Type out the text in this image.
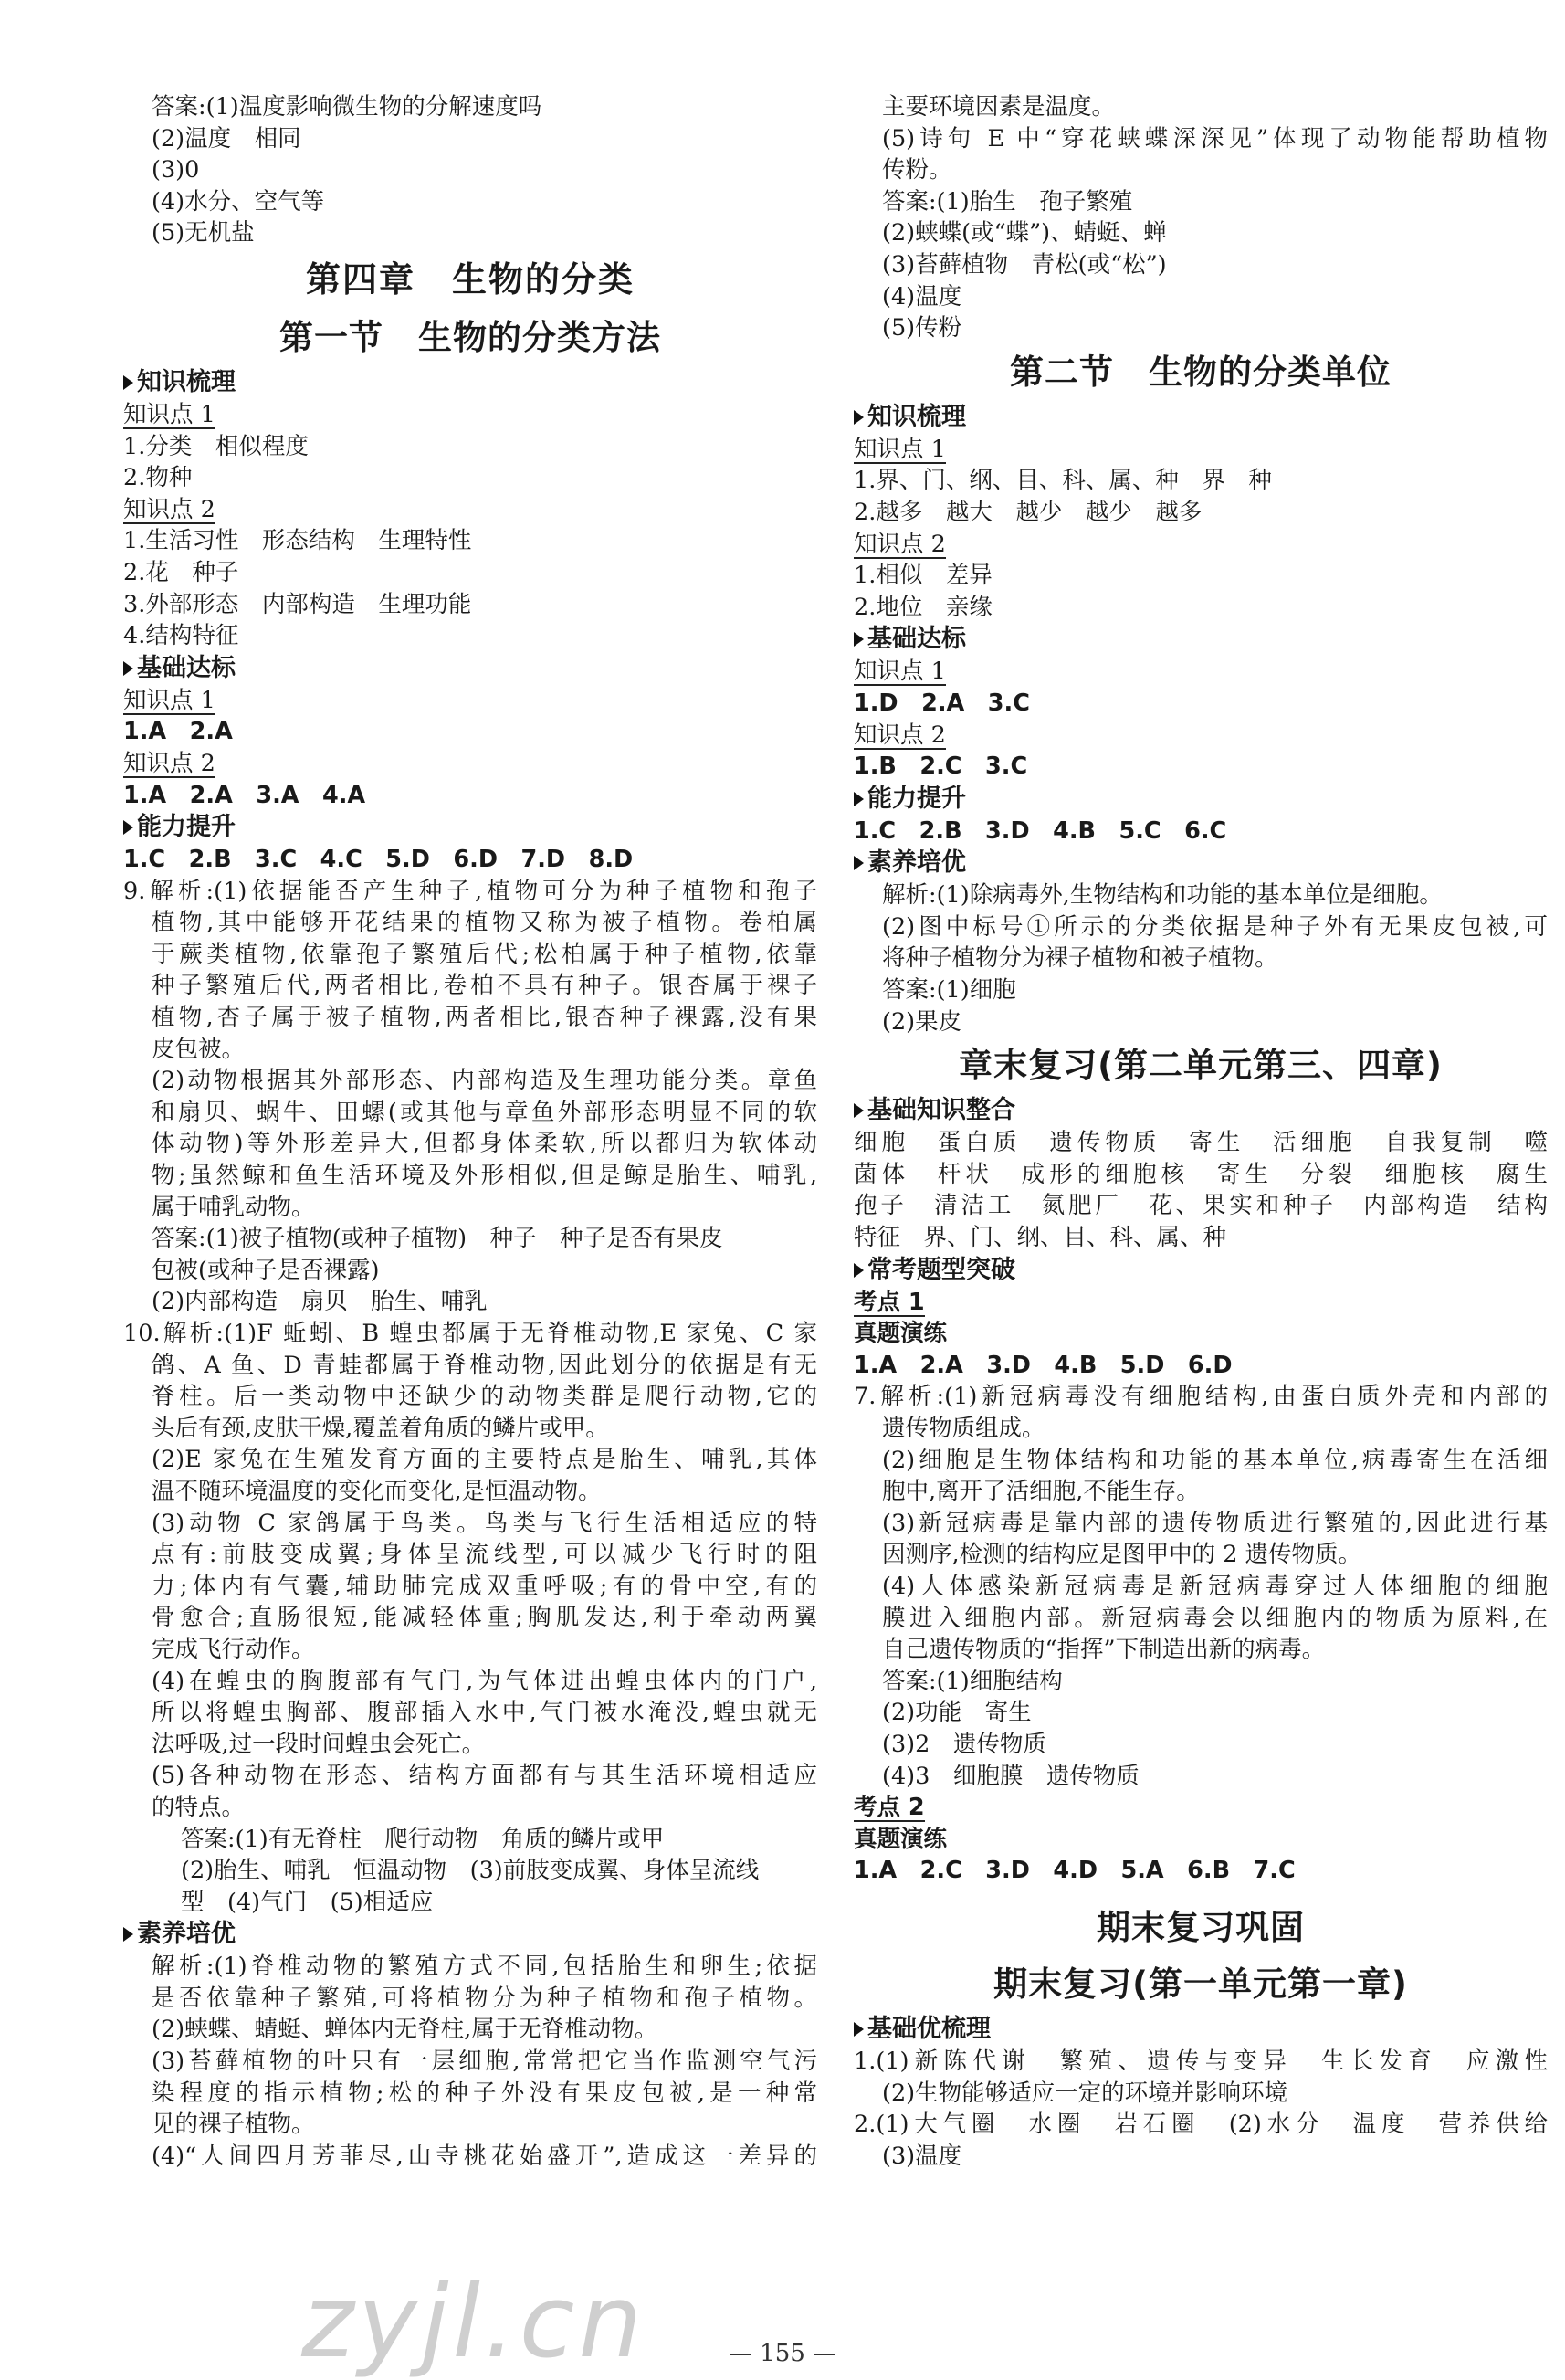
答案:(1)温度影响微生物的分解速度吗
(2)温度　相同
(3)0
(4)水分、空气等
(5)无机盐
第四章　生物的分类
第一节　生物的分类方法
知识梳理
知识点 1
1.分类　相似程度
2.物种
知识点 2
1.生活习性　形态结构　生理特性
2.花　种子
3.外部形态　内部构造　生理功能
4.结构特征
基础达标
知识点 1
1.A　2.A
知识点 2
1.A　2.A　3.A　4.A
能力提升
1.C　2.B　3.C　4.C　5.D　6.D　7.D　8.D
9.解析:(1)依据能否产生种子,植物可分为种子植物和孢子
植物,其中能够开花结果的植物又称为被子植物。卷柏属
于蕨类植物,依靠孢子繁殖后代;松柏属于种子植物,依靠
种子繁殖后代,两者相比,卷柏不具有种子。银杏属于裸子
植物,杏子属于被子植物,两者相比,银杏种子裸露,没有果
皮包被。
(2)动物根据其外部形态、内部构造及生理功能分类。章鱼
和扇贝、蜗牛、田螺(或其他与章鱼外部形态明显不同的软
体动物)等外形差异大,但都身体柔软,所以都归为软体动
物;虽然鲸和鱼生活环境及外形相似,但是鲸是胎生、哺乳,
属于哺乳动物。
答案:(1)被子植物(或种子植物)　种子　种子是否有果皮
包被(或种子是否裸露)
(2)内部构造　扇贝　胎生、哺乳
10.解析:(1)F 蚯蚓、B 蝗虫都属于无脊椎动物,E 家兔、C 家
鸽、A 鱼、D 青蛙都属于脊椎动物,因此划分的依据是有无
脊柱。后一类动物中还缺少的动物类群是爬行动物,它的
头后有颈,皮肤干燥,覆盖着角质的鳞片或甲。
(2)E 家兔在生殖发育方面的主要特点是胎生、哺乳,其体
温不随环境温度的变化而变化,是恒温动物。
(3)动物 C 家鸽属于鸟类。鸟类与飞行生活相适应的特
点有:前肢变成翼;身体呈流线型,可以减少飞行时的阻
力;体内有气囊,辅助肺完成双重呼吸;有的骨中空,有的
骨愈合;直肠很短,能减轻体重;胸肌发达,利于牵动两翼
完成飞行动作。
(4)在蝗虫的胸腹部有气门,为气体进出蝗虫体内的门户,
所以将蝗虫胸部、腹部插入水中,气门被水淹没,蝗虫就无
法呼吸,过一段时间蝗虫会死亡。
(5)各种动物在形态、结构方面都有与其生活环境相适应
的特点。
答案:(1)有无脊柱　爬行动物　角质的鳞片或甲
(2)胎生、哺乳　恒温动物　(3)前肢变成翼、身体呈流线
型　(4)气门　(5)相适应
素养培优
解析:(1)脊椎动物的繁殖方式不同,包括胎生和卵生;依据
是否依靠种子繁殖,可将植物分为种子植物和孢子植物。
(2)蛱蝶、蜻蜓、蝉体内无脊柱,属于无脊椎动物。
(3)苔藓植物的叶只有一层细胞,常常把它当作监测空气污
染程度的指示植物;松的种子外没有果皮包被,是一种常
见的裸子植物。
(4)“人间四月芳菲尽,山寺桃花始盛开”,造成这一差异的
主要环境因素是温度。
(5)诗句 E 中“穿花蛱蝶深深见”体现了动物能帮助植物
传粉。
答案:(1)胎生　孢子繁殖
(2)蛱蝶(或“蝶”)、蜻蜓、蝉
(3)苔藓植物　青松(或“松”)
(4)温度
(5)传粉
第二节　生物的分类单位
知识梳理
知识点 1
1.界、门、纲、目、科、属、种　界　种
2.越多　越大　越少　越少　越多
知识点 2
1.相似　差异
2.地位　亲缘
基础达标
知识点 1
1.D　2.A　3.C
知识点 2
1.B　2.C　3.C
能力提升
1.C　2.B　3.D　4.B　5.C　6.C
素养培优
解析:(1)除病毒外,生物结构和功能的基本单位是细胞。
(2)图中标号①所示的分类依据是种子外有无果皮包被,可
将种子植物分为裸子植物和被子植物。
答案:(1)细胞
(2)果皮
章末复习(第二单元第三、四章)
基础知识整合
细胞　蛋白质　遗传物质　寄生　活细胞　自我复制　噬
菌体　杆状　成形的细胞核　寄生　分裂　细胞核　腐生
孢子　清洁工　氮肥厂　花、果实和种子　内部构造　结构
特征　界、门、纲、目、科、属、种
常考题型突破
考点 1
真题演练
1.A　2.A　3.D　4.B　5.D　6.D
7.解析:(1)新冠病毒没有细胞结构,由蛋白质外壳和内部的
遗传物质组成。
(2)细胞是生物体结构和功能的基本单位,病毒寄生在活细
胞中,离开了活细胞,不能生存。
(3)新冠病毒是靠内部的遗传物质进行繁殖的,因此进行基
因测序,检测的结构应是图甲中的 2 遗传物质。
(4)人体感染新冠病毒是新冠病毒穿过人体细胞的细胞
膜进入细胞内部。新冠病毒会以细胞内的物质为原料,在
自己遗传物质的“指挥”下制造出新的病毒。
答案:(1)细胞结构
(2)功能　寄生
(3)2　遗传物质
(4)3　细胞膜　遗传物质
考点 2
真题演练
1.A　2.C　3.D　4.D　5.A　6.B　7.C
期末复习巩固
期末复习(第一单元第一章)
基础优梳理
1.(1)新陈代谢　繁殖、遗传与变异　生长发育　应激性
(2)生物能够适应一定的环境并影响环境
2.(1)大气圈　水圈　岩石圈　(2)水分　温度　营养供给
(3)温度
zyjl.cn	— 155 —
